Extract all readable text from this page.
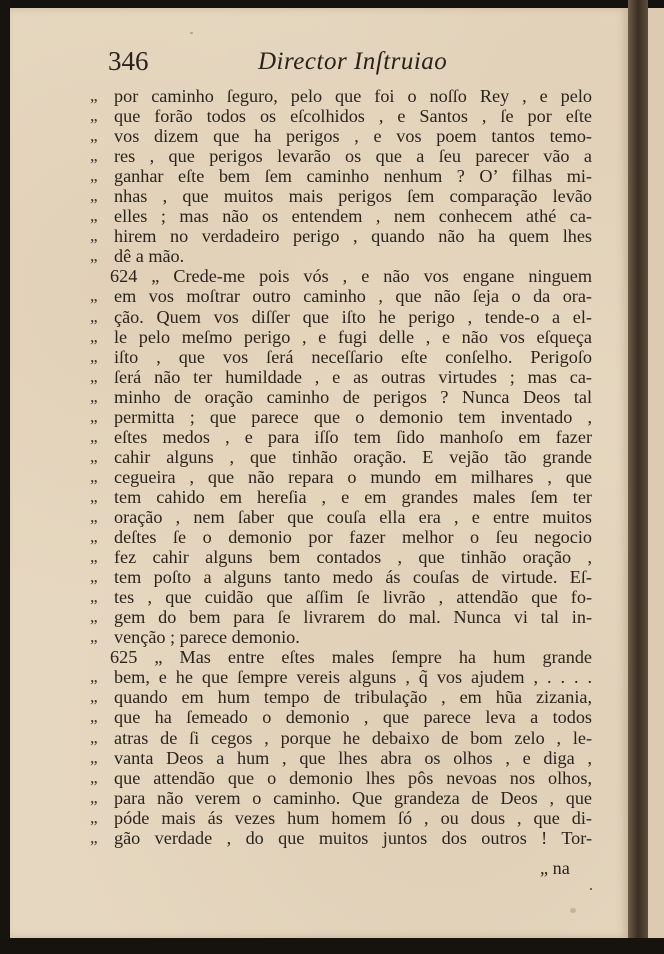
346	Director Inſtruiao
„ por caminho ſeguro, pelo que foi o noſſo Rey , e pelo
„ que forão todos os eſcolhidos , e Santos , ſe por eſte
„ vos dizem que ha perigos , e vos poem tantos temo-
„ res , que perigos levarão os que a ſeu parecer vão a
„ ganhar eſte bem ſem caminho nenhum ? O’ filhas mi-
„ nhas , que muitos mais perigos ſem comparação levão
„ elles ; mas não os entendem , nem conhecem athé ca-
„ hirem no verdadeiro perigo , quando não ha quem lhes
„ dê a mão.
624 „ Crede-me pois vós , e não vos engane ninguem
„ em vos moſtrar outro caminho , que não ſeja o da ora-
„ ção. Quem vos diſſer que iſto he perigo , tende-o a el-
„ le pelo meſmo perigo , e fugi delle , e não vos eſqueça
„ iſto , que vos ſerá neceſſario eſte conſelho. Perigoſo
„ ſerá não ter humildade , e as outras virtudes ; mas ca-
„ minho de oração caminho de perigos ? Nunca Deos tal
„ permitta ; que parece que o demonio tem inventado ,
„ eſtes medos , e para iſſo tem ſido manhoſo em fazer
„ cahir alguns , que tinhão oração. E vejão tão grande
„ cegueira , que não repara o mundo em milhares , que
„ tem cahido em hereſia , e em grandes males ſem ter
„ oração , nem ſaber que couſa ella era , e entre muitos
„ deſtes ſe o demonio por fazer melhor o ſeu negocio
„ fez cahir alguns bem contados , que tinhão oração ,
„ tem poſto a alguns tanto medo ás couſas de virtude. Eſ-
„ tes , que cuidão que aſſim ſe livrão , attendão que fo-
„ gem do bem para ſe livrarem do mal. Nunca vi tal in-
„ venção ; parece demonio.
625 „ Mas entre eſtes males ſempre ha hum grande
„ bem, e he que ſempre vereis alguns , q̃ vos ajudem , . . . .
„ quando em hum tempo de tribulação , em hũa zizania,
„ que ha ſemeado o demonio , que parece leva a todos
„ atras de ſi cegos , porque he debaixo de bom zelo , le-
„ vanta Deos a hum , que lhes abra os olhos , e diga ,
„ que attendão que o demonio lhes pôs nevoas nos olhos,
„ para não verem o caminho. Que grandeza de Deos , que
„ póde mais ás vezes hum homem ſó , ou dous , que di-
„ gão verdade , do que muitos juntos dos outros ! Tor-
„ na
